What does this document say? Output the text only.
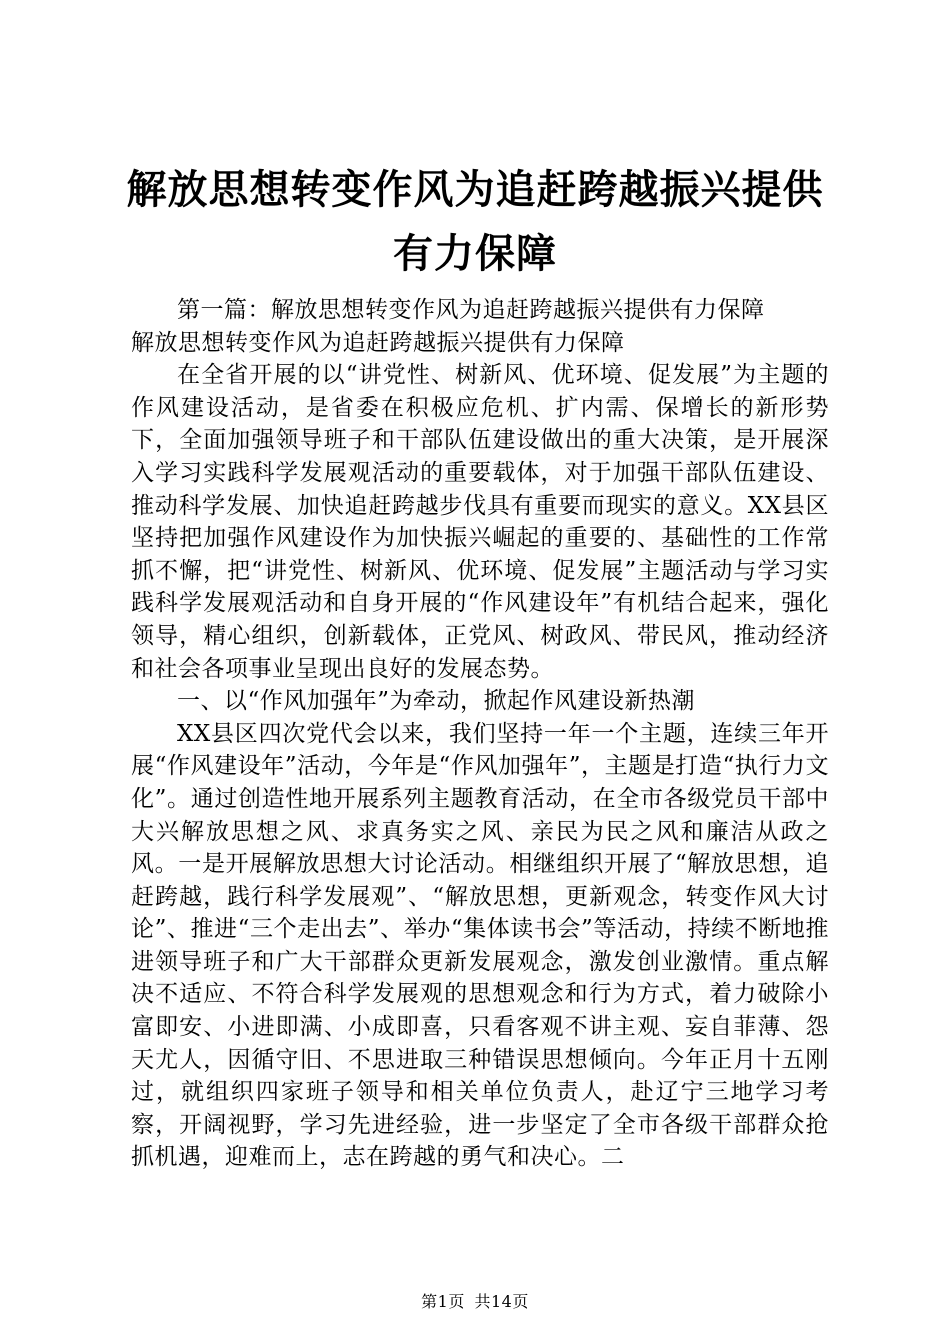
解放思想转变作风为追赶跨越振兴提供有力保障

第一篇：解放思想转变作风为追赶跨越振兴提供有力保障

解放思想转变作风为追赶跨越振兴提供有力保障

在全省开展的以“讲党性、树新风、优环境、促发展”为主题的作风建设活动，是省委在积极应危机、扩内需、保增长的新形势下，全面加强领导班子和干部队伍建设做出的重大决策，是开展深入学习实践科学发展观活动的重要载体，对于加强干部队伍建设、推动科学发展、加快追赶跨越步伐具有重要而现实的意义。XX县区坚持把加强作风建设作为加快振兴崛起的重要的、基础性的工作常抓不懈，把“讲党性、树新风、优环境、促发展”主题活动与学习实践科学发展观活动和自身开展的“作风建设年”有机结合起来，强化领导，精心组织，创新载体，正党风、树政风、带民风，推动经济和社会各项事业呈现出良好的发展态势。

一、以“作风加强年”为牵动，掀起作风建设新热潮

XX县区四次党代会以来，我们坚持一年一个主题，连续三年开展“作风建设年”活动，今年是“作风加强年”，主题是打造“执行力文化”。通过创造性地开展系列主题教育活动，在全市各级党员干部中大兴解放思想之风、求真务实之风、亲民为民之风和廉洁从政之风。一是开展解放思想大讨论活动。相继组织开展了“解放思想，追赶跨越，践行科学发展观”、“解放思想，更新观念，转变作风大讨论”、推进“三个走出去”、举办“集体读书会”等活动，持续不断地推进领导班子和广大干部群众更新发展观念，激发创业激情。重点解决不适应、不符合科学发展观的思想观念和行为方式，着力破除小富即安、小进即满、小成即喜，只看客观不讲主观、妄自菲薄、怨天尤人，因循守旧、不思进取三种错误思想倾向。今年正月十五刚过，就组织四家班子领导和相关单位负责人，赴辽宁三地学习考察，开阔视野，学习先进经验，进一步坚定了全市各级干部群众抢抓机遇，迎难而上，志在跨越的勇气和决心。二

第1页 共14页
